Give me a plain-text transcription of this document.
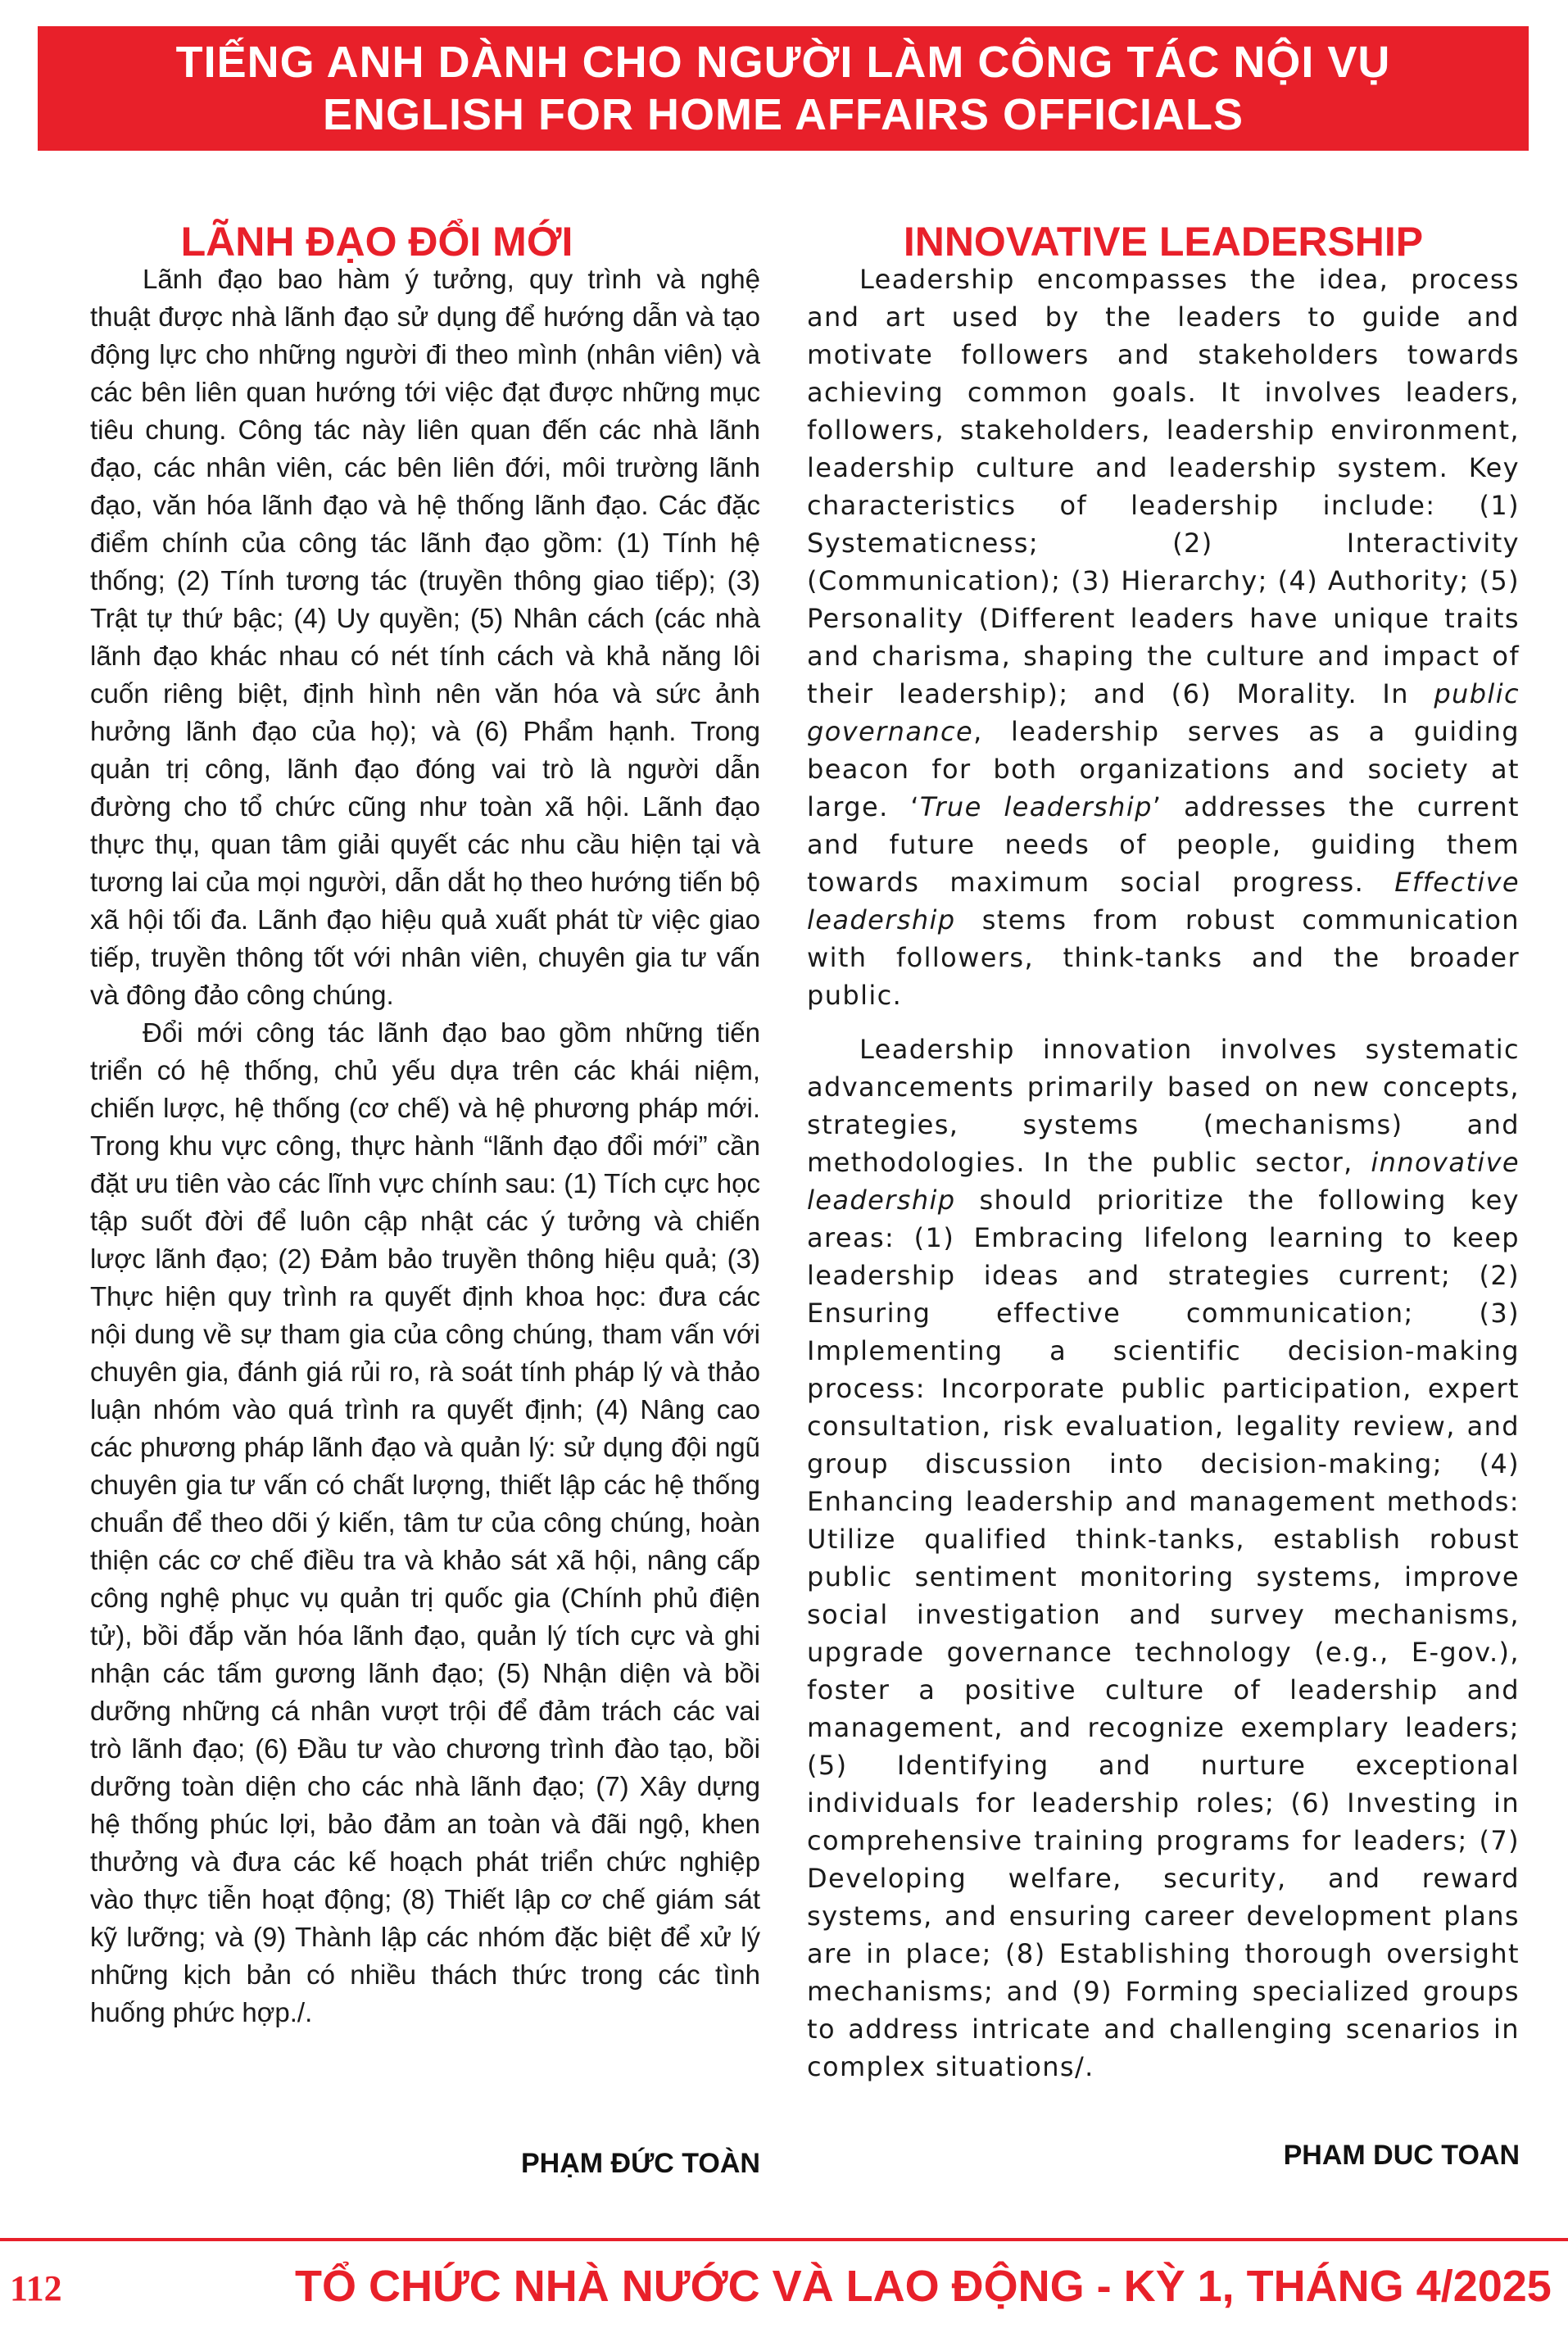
TIẾNG ANH DÀNH CHO NGƯỜI LÀM CÔNG TÁC NỘI VỤ
ENGLISH FOR HOME AFFAIRS OFFICIALS
LÃNH ĐẠO ĐỔI MỚI	INNOVATIVE LEADERSHIP

Lãnh đạo bao hàm ý tưởng, quy trình và nghệ thuật được nhà lãnh đạo sử dụng để hướng dẫn và tạo động lực cho những người đi theo mình (nhân viên) và các bên liên quan hướng tới việc đạt được những mục tiêu chung. Công tác này liên quan đến các nhà lãnh đạo, các nhân viên, các bên liên đới, môi trường lãnh đạo, văn hóa lãnh đạo và hệ thống lãnh đạo. Các đặc điểm chính của công tác lãnh đạo gồm: (1) Tính hệ thống; (2) Tính tương tác (truyền thông giao tiếp); (3) Trật tự thứ bậc; (4) Uy quyền; (5) Nhân cách (các nhà lãnh đạo khác nhau có nét tính cách và khả năng lôi cuốn riêng biệt, định hình nên văn hóa và sức ảnh hưởng lãnh đạo của họ); và (6) Phẩm hạnh. Trong quản trị công, lãnh đạo đóng vai trò là người dẫn đường cho tổ chức cũng như toàn xã hội. Lãnh đạo thực thụ, quan tâm giải quyết các nhu cầu hiện tại và tương lai của mọi người, dẫn dắt họ theo hướng tiến bộ xã hội tối đa. Lãnh đạo hiệu quả xuất phát từ việc giao tiếp, truyền thông tốt với nhân viên, chuyên gia tư vấn và đông đảo công chúng.

Đổi mới công tác lãnh đạo bao gồm những tiến triển có hệ thống, chủ yếu dựa trên các khái niệm, chiến lược, hệ thống (cơ chế) và hệ phương pháp mới. Trong khu vực công, thực hành “lãnh đạo đổi mới” cần đặt ưu tiên vào các lĩnh vực chính sau: (1) Tích cực học tập suốt đời để luôn cập nhật các ý tưởng và chiến lược lãnh đạo; (2) Đảm bảo truyền thông hiệu quả; (3) Thực hiện quy trình ra quyết định khoa học: đưa các nội dung về sự tham gia của công chúng, tham vấn với chuyên gia, đánh giá rủi ro, rà soát tính pháp lý và thảo luận nhóm vào quá trình ra quyết định; (4) Nâng cao các phương pháp lãnh đạo và quản lý: sử dụng đội ngũ chuyên gia tư vấn có chất lượng, thiết lập các hệ thống chuẩn để theo dõi ý kiến, tâm tư của công chúng, hoàn thiện các cơ chế điều tra và khảo sát xã hội, nâng cấp công nghệ phục vụ quản trị quốc gia (Chính phủ điện tử), bồi đắp văn hóa lãnh đạo, quản lý tích cực và ghi nhận các tấm gương lãnh đạo; (5) Nhận diện và bồi dưỡng những cá nhân vượt trội để đảm trách các vai trò lãnh đạo; (6) Đầu tư vào chương trình đào tạo, bồi dưỡng toàn diện cho các nhà lãnh đạo; (7) Xây dựng hệ thống phúc lợi, bảo đảm an toàn và đãi ngộ, khen thưởng và đưa các kế hoạch phát triển chức nghiệp vào thực tiễn hoạt động; (8) Thiết lập cơ chế giám sát kỹ lưỡng; và (9) Thành lập các nhóm đặc biệt để xử lý những kịch bản có nhiều thách thức trong các tình huống phức hợp./.

Leadership encompasses the idea, process and art used by the leaders to guide and motivate followers and stakeholders towards achieving common goals. It involves leaders, followers, stakeholders, leadership environment, leadership culture and leadership system. Key characteristics of leadership include: (1) Systematicness; (2) Interactivity (Communication); (3) Hierarchy; (4) Authority; (5) Personality (Different leaders have unique traits and charisma, shaping the culture and impact of their leadership); and (6) Morality. In public governance, leadership serves as a guiding beacon for both organizations and society at large. ‘True leadership’ addresses the current and future needs of people, guiding them towards maximum social progress. Effective leadership stems from robust communication with followers, think-tanks and the broader public.

Leadership innovation involves systematic advancements primarily based on new concepts, strategies, systems (mechanisms) and methodologies. In the public sector, innovative leadership should prioritize the following key areas: (1) Embracing lifelong learning to keep leadership ideas and strategies current; (2) Ensuring effective communication; (3) Implementing a scientific decision-making process: Incorporate public participation, expert consultation, risk evaluation, legality review, and group discussion into decision-making; (4) Enhancing leadership and management methods: Utilize qualified think-tanks, establish robust public sentiment monitoring systems, improve social investigation and survey mechanisms, upgrade governance technology (e.g., E-gov.), foster a positive culture of leadership and management, and recognize exemplary leaders; (5) Identifying and nurture exceptional individuals for leadership roles; (6) Investing in comprehensive training programs for leaders; (7) Developing welfare, security, and reward systems, and ensuring career development plans are in place; (8) Establishing thorough oversight mechanisms; and (9) Forming specialized groups to address intricate and challenging scenarios in complex situations/.

PHẠM ĐỨC TOÀN	PHAM DUC TOAN
112	TỔ CHỨC NHÀ NƯỚC VÀ LAO ĐỘNG - KỲ 1, THÁNG 4/2025
